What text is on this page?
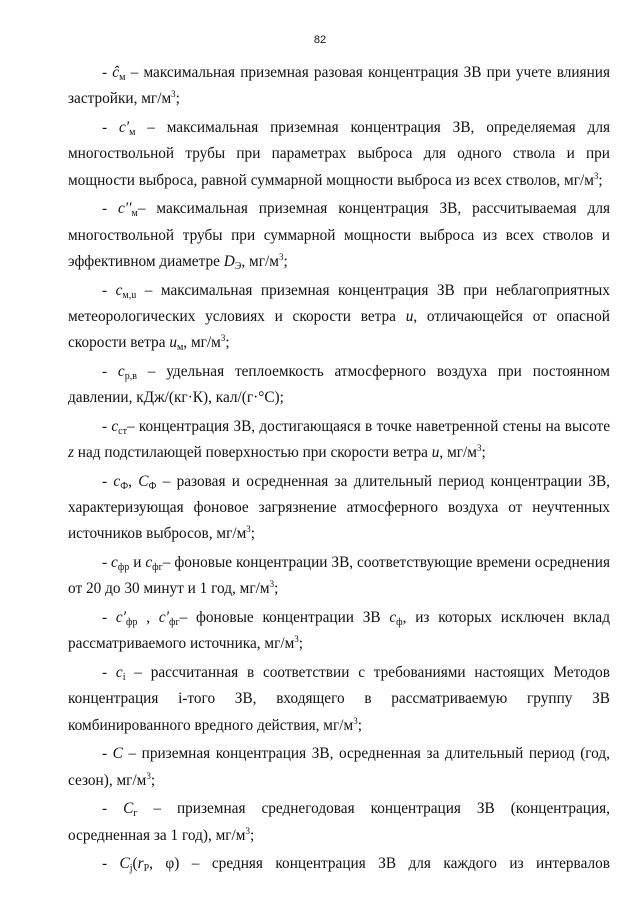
82

- $ĉ_м$ – максимальная приземная разовая концентрация ЗВ при учете влияния застройки, $мг/м^3$;

- $c'_м$ – максимальная приземная концентрация ЗВ, определяемая для многоствольной трубы при параметрах выброса для одного ствола и при мощности выброса, равной суммарной мощности выброса из всех стволов, $мг/м^3$;

- $c''_м-$ максимальная приземная концентрация ЗВ, рассчитываемая для многоствольной трубы при суммарной мощности выброса из всех стволов и эффективном диаметре $D_Э$, $мг/м^3$;

- $c_{м,u}$ – максимальная приземная концентрация ЗВ при неблагоприятных метеорологических условиях и скорости ветра u, отличающейся от опасной скорости ветра $u_м$, $мг/м^3$;

- $c_{р,в}$ – удельная теплоемкость атмосферного воздуха при постоянном давлении, кДж/(кг·К), кал/(г·°С);

- $c_{ст}-$ концентрация ЗВ, достигающаяся в точке наветренной стены на высоте z над подстилающей поверхностью при скорости ветра u, $мг/м^3$;

- $c_Ф$, $C_Ф$ – разовая и осредненная за длительный период концентрации ЗВ, характеризующая фоновое загрязнение атмосферного воздуха от неучтенных источников выбросов, $мг/м^3$;

- $c_{фр}$ и $c_{фг}-$ фоновые концентрации ЗВ, соответствующие времени осреднения от 20 до 30 минут и 1 год, $мг/м^3$;

- $c'_{фр}$ , $c'_{фг}-$ фоновые концентрации ЗВ $c_ф$, из которых исключен вклад рассматриваемого источника, $мг/м^3$;

- $c_i$ – рассчитанная в соответствии с требованиями настоящих Методов концентрация i-того ЗВ, входящего в рассматриваемую группу ЗВ комбинированного вредного действия, $мг/м^3$;

- C – приземная концентрация ЗВ, осредненная за длительный период (год, сезон), $мг/м^3$;

- $C_г$ – приземная среднегодовая концентрация ЗВ (концентрация, осредненная за 1 год), $мг/м^3$;

- $C_j(r_P$, φ) – средняя концентрация ЗВ для каждого из интервалов
